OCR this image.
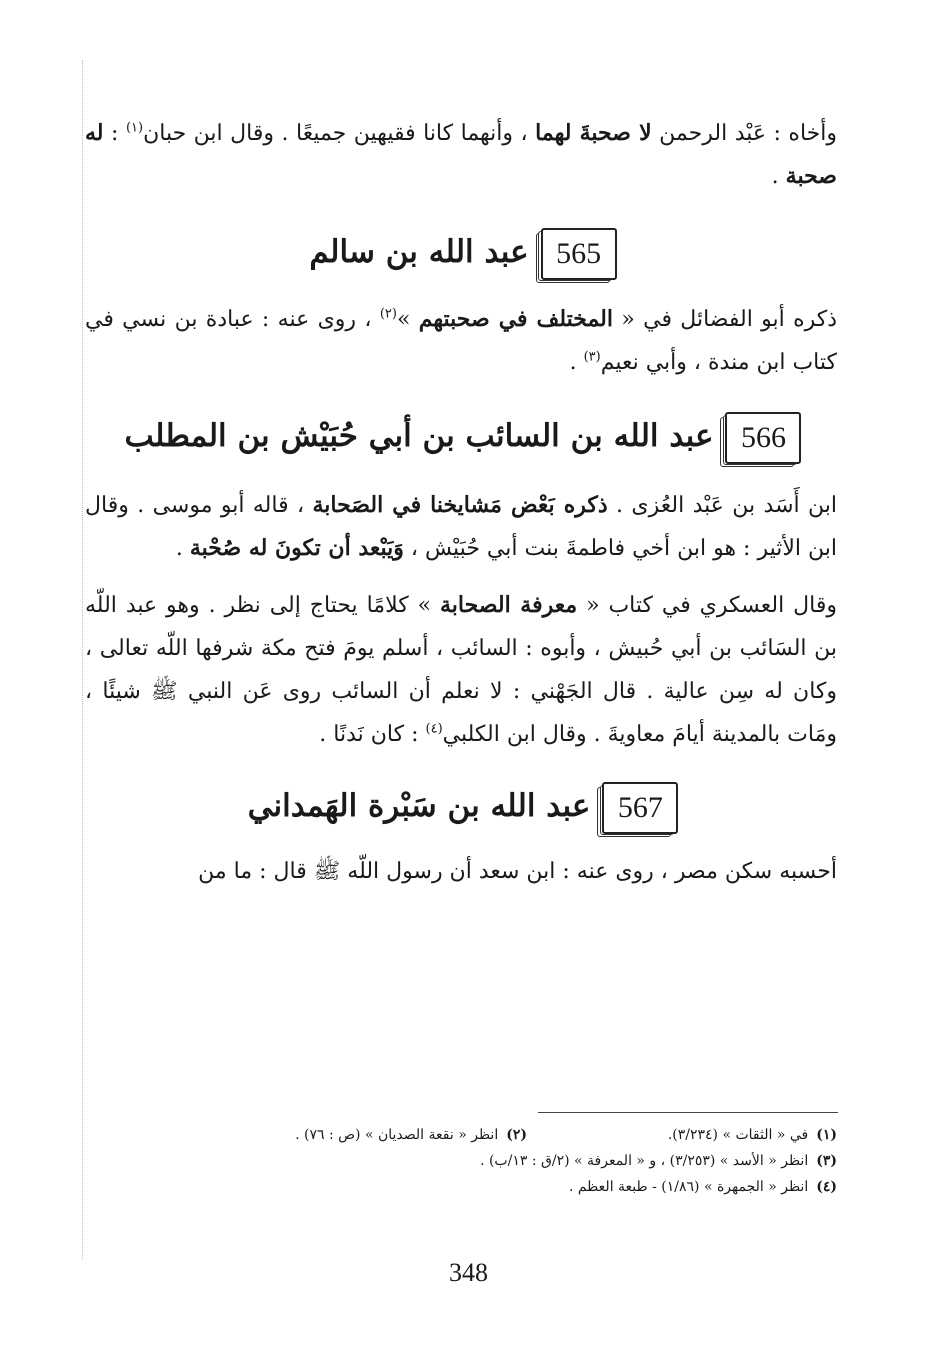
وأخاه : عَبْد الرحمن لا صحبةَ لهما ، وأنهما كانا فقيهين جميعًا . وقال ابن حبان$^{(١)}$ : له صحبة .

565
عبد الله بن سالم

ذكره أبو الفضائل في « المختلف في صحبتهم »$^{(٢)}$ ، روى عنه : عبادة بن نسي في كتاب ابن مندة ، وأبي نعيم$^{(٣)}$ .

566
عبد الله بن السائب بن أبي حُبَيْش بن المطلب

ابن أَسَد بن عَبْد العُزى . ذكره بَعْض مَشايخنا في الصَحابة ، قاله أبو موسى . وقال ابن الأثير : هو ابن أخي فاطمةَ بنت أبي حُبَيْش ، وَيَبْعد أن تكونَ له صُحْبة .

وقال العسكري في كتاب « معرفة الصحابة » كلامًا يحتاج إلى نظر . وهو عبد اللّه بن السَائب بن أبي حُبيش ، وأبوه : السائب ، أسلم يومَ فتح مكة شرفها اللّه تعالى ، وكان له سِن عالية . قال الجَهْني : لا نعلم أن السائب روى عَن النبي ﷺ شيئًا ، ومَات بالمدينة أيامَ معاويةَ . وقال ابن الكلبي$^{(٤)}$ : كان نَدنًا .

567
عبد الله بن سَبْرة الهَمداني

أحسبه سكن مصر ، روى عنه : ابن سعد أن رسول اللّه ﷺ قال : ما من

(١)في « الثقات » (٣/٢٣٤).
(٢)انظر « نقعة الصديان » (ص : ٧٦) .
(٣)انظر « الأسد » (٣/٢٥٣) ، و « المعرفة » (٢/ق : ١٣/ب) .
(٤)انظر « الجمهرة » (١/٨٦) - طبعة العظم .
348
